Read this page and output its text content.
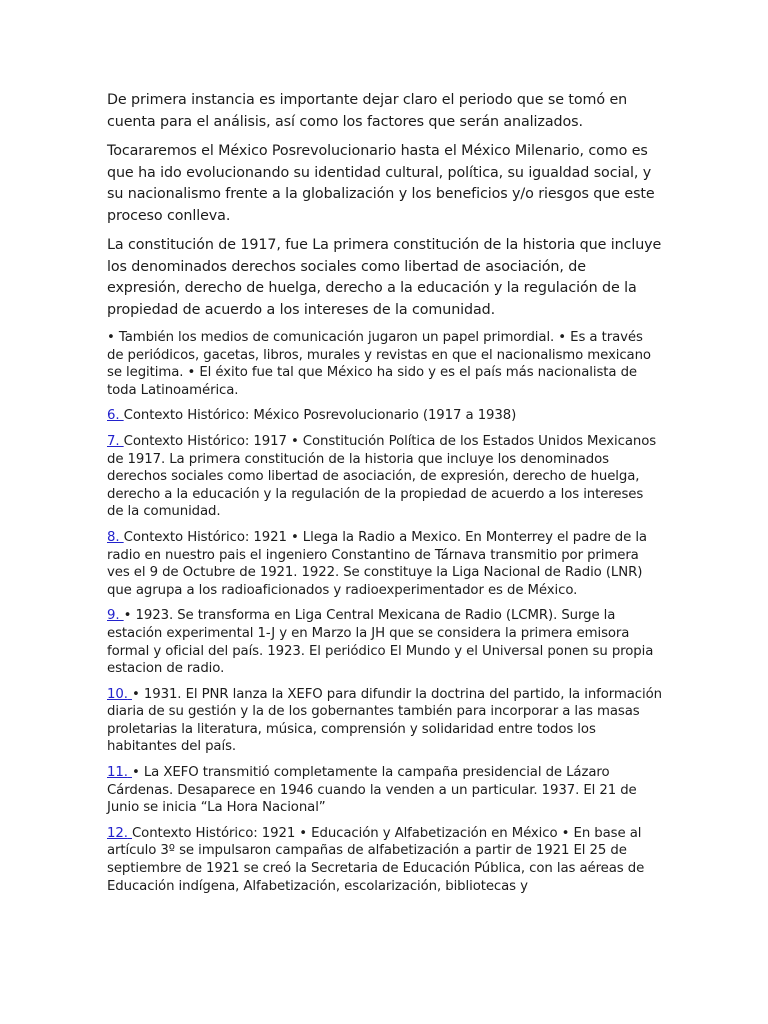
De primera instancia es importante dejar claro el periodo que se tomó en cuenta para el análisis, así como los factores que serán analizados.

Tocararemos el México Posrevolucionario hasta el México Milenario, como es que ha ido evolucionando su identidad cultural, política, su igualdad social, y su nacionalismo frente a la globalización y los beneficios y/o riesgos que este proceso conlleva.

La constitución de 1917, fue La primera constitución de la historia que incluye los denominados derechos sociales como libertad de asociación, de expresión, derecho de huelga, derecho a la educación y la regulación de la propiedad de acuerdo a los intereses de la comunidad.

• También los medios de comunicación jugaron un papel primordial. • Es a través de periódicos, gacetas, libros, murales y revistas en que el nacionalismo mexicano se legitima. • El éxito fue tal que México ha sido y es el país más nacionalista de toda Latinoamérica.

6. Contexto Histórico: México Posrevolucionario (1917 a 1938)

7. Contexto Histórico: 1917 • Constitución Política de los Estados Unidos Mexicanos de 1917. La primera constitución de la historia que incluye los denominados derechos sociales como libertad de asociación, de expresión, derecho de huelga, derecho a la educación y la regulación de la propiedad de acuerdo a los intereses de la comunidad.

8. Contexto Histórico: 1921 • Llega la Radio a Mexico. En Monterrey el padre de la radio en nuestro pais el ingeniero Constantino de Tárnava transmitio por primera ves el 9 de Octubre de 1921. 1922. Se constituye la Liga Nacional de Radio (LNR) que agrupa a los radioaficionados y radioexperimentador es de México.

9. • 1923. Se transforma en Liga Central Mexicana de Radio (LCMR). Surge la estación experimental 1-J y en Marzo la JH que se considera la primera emisora formal y oficial del país. 1923. El periódico El Mundo y el Universal ponen su propia estacion de radio.

10. • 1931. El PNR lanza la XEFO para difundir la doctrina del partido, la información diaria de su gestión y la de los gobernantes también para incorporar a las masas proletarias la literatura, música, comprensión y solidaridad entre todos los habitantes del país.

11. • La XEFO transmitió completamente la campaña presidencial de Lázaro Cárdenas. Desaparece en 1946 cuando la venden a un particular. 1937. El 21 de Junio se inicia “La Hora Nacional”

12. Contexto Histórico: 1921 • Educación y Alfabetización en México • En base al artículo 3º se impulsaron campañas de alfabetización a partir de 1921 El 25 de septiembre de 1921 se creó la Secretaria de Educación Pública, con las aéreas de Educación indígena, Alfabetización, escolarización, bibliotecas y
